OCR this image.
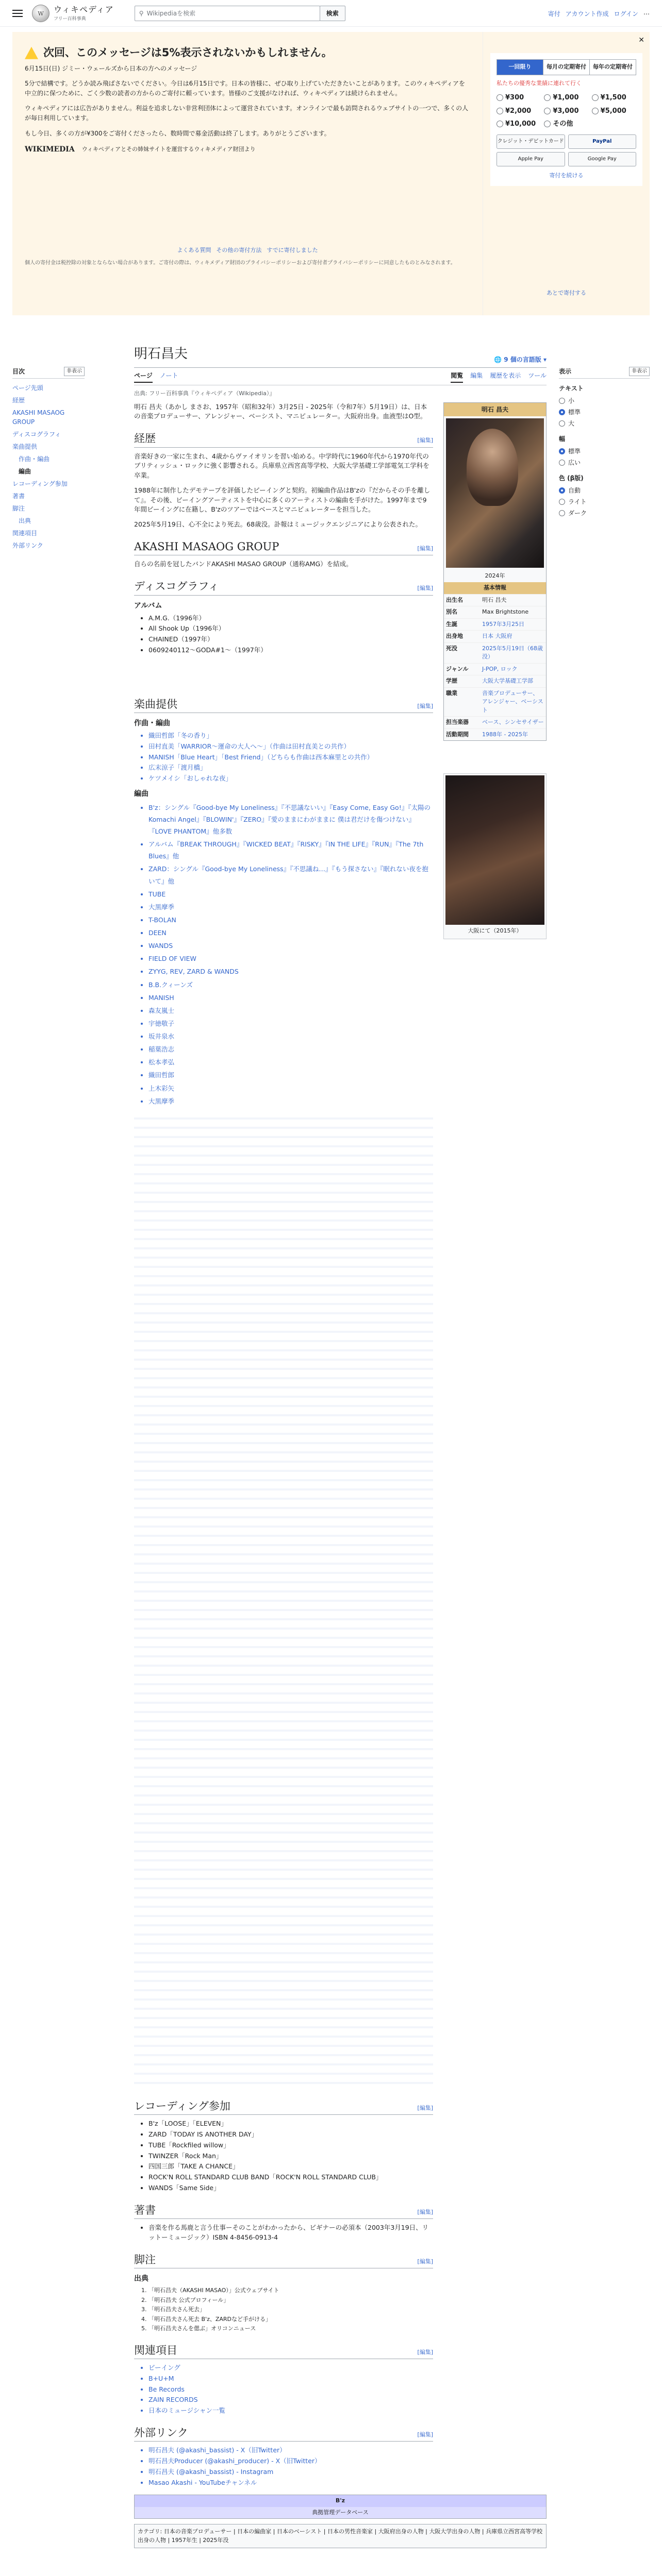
W	ウィキペディア
フリー百科事典
⚲ Wikipediaを検索	検索	寄付 アカウント作成 ログイン ⋯
次回、このメッセージは5%表示されないかもしれません。
6月15日(日) ジミー・ウェールズから日本の方へのメッセージ

5分で結構です。どうか読み飛ばさないでください。今日は6月15日です。日本の皆様に、ぜひ取り上げていただきたいことがあります。このウィキペディアを中立的に保つために、ごく少数の読者の方からのご寄付に頼っています。皆様のご支援がなければ、ウィキペディアは続けられません。

ウィキペディアには広告がありません。利益を追求しない非営利団体によって運営されています。オンラインで最も訪問されるウェブサイトの一つで、多くの人が毎日利用しています。

もし今日、多くの方が¥300をご寄付くださったら、数時間で募金活動は終了します。ありがとうございます。

WIKIMEDIA ウィキペディアとその姉妹サイトを運営するウィキメディア財団より
よくある質問 その他の寄付方法 すでに寄付しました
個人の寄付金は税控除の対象とならない場合があります。ご寄付の際は、ウィキメディア財団のプライバシーポリシーおよび寄付者プライバシーポリシーに同意したものとみなされます。
✕
一回限り	毎月の定期寄付	毎年の定期寄付
私たちの優秀な業績に連れて行く
¥300	¥1,000	¥1,500
¥2,000	¥3,000	¥5,000
¥10,000	その他
クレジット・デビットカード	PayPal
Apple Pay	Google Pay
寄付を続ける
あとで寄付する
目次	非表示
ページ先頭
経歴
AKASHI MASAOG GROUP
ディスコグラフィ
楽曲提供
作曲・編曲
編曲
レコーディング参加
著書
脚注
出典
関連項目
外部リンク
表示	非表示
テキスト
小
標準
大
幅
標準
広い
色 (β版)
自動
ライト
ダーク
明石昌夫	🌐 9 個の言語版 ▾
ページ ノート	閲覧 編集 履歴を表示 ツール
出典: フリー百科事典『ウィキペディア（Wikipedia）』
明石 昌夫
2024年
基本情報
出生名	明石 昌夫
別名	Max Brightstone
生誕	1957年3月25日
出身地	日本 大阪府
死没	2025年5月19日（68歳没）
ジャンル	J-POP, ロック
学歴	大阪大学基礎工学部
職業	音楽プロデューサー、アレンジャー、ベーシスト
担当楽器	ベース、シンセサイザー
活動期間	1988年 - 2025年
大阪にて（2015年）

明石 昌夫（あかし まさお、1957年（昭和32年）3月25日 - 2025年（令和7年）5月19日）は、日本の音楽プロデューサー、アレンジャー、ベーシスト、マニピュレーター。大阪府出身。血液型はO型。

経歴	[編集]

音楽好きの一家に生まれ、4歳からヴァイオリンを習い始める。中学時代に1960年代から1970年代のブリティッシュ・ロックに強く影響される。兵庫県立西宮高等学校、大阪大学基礎工学部電気工学科を卒業。

1988年に制作したデモテープを評価したビーイングと契約。初編曲作品はB'zの『だからその手を離して』。その後、ビーイングアーティストを中心に多くのアーティストの編曲を手がけた。1997年まで9年間ビーイングに在籍し、B'zのツアーではベースとマニピュレーターを担当した。

2025年5月19日、心不全により死去。68歳没。訃報はミュージックエンジニアにより公表された。

AKASHI MASAOG GROUP	[編集]

自らの名前を冠したバンドAKASHI MASAO GROUP（通称AMG）を結成。

ディスコグラフィ	[編集]
アルバム
• A.M.G.（1996年）
• All Shook Up（1996年）
• CHAINED（1997年）
• 0609240112〜GODA#1〜（1997年）
楽曲提供	[編集]
作曲・編曲
• 織田哲郎「冬の香り」
• 田村直美「WARRIOR〜運命の大人へ〜」（作曲は田村直美との共作）
• MANISH「Blue Heart」「Best Friend」（どちらも作曲は西本麻里との共作）
• 広末涼子「渡月橋」
• ケツメイシ「おしゃれな夜」
編曲
• B'z：シングル『Good-bye My Loneliness』『不思議ないい』『Easy Come, Easy Go!』『太陽のKomachi Angel』『BLOWIN'』『ZERO』『愛のままにわがままに 僕は君だけを傷つけない』『LOVE PHANTOM』他多数
• アルバム『BREAK THROUGH』『WICKED BEAT』『RISKY』『IN THE LIFE』『RUN』『The 7th Blues』他
• ZARD：シングル『Good-bye My Loneliness』『不思議ね…』『もう探さない』『眠れない夜を抱いて』他
• TUBE
• 大黒摩季
• T-BOLAN
• DEEN
• WANDS
• FIELD OF VIEW
• ZYYG, REV, ZARD & WANDS
• B.B.クィーンズ
• MANISH
• 森友嵐士
• 宇徳敬子
• 坂井泉水
• 稲葉浩志
• 松本孝弘
• 織田哲郎
• 上木彩矢
• 大黒摩季
レコーディング参加	[編集]
• B'z「LOOSE」「ELEVEN」
• ZARD「TODAY IS ANOTHER DAY」
• TUBE「Rockfiled willow」
• TWINZER「Rock Man」
• 四国三郎「TAKE A CHANCE」
• ROCK'N ROLL STANDARD CLUB BAND「ROCK'N ROLL STANDARD CLUB」
• WANDS「Same Side」
著書	[編集]
• 音楽を作る馬鹿と言う仕事ーそのことがわかったから、ビギナーの必須本（2003年3月19日、リットーミュージック）ISBN 4-8456-0913-4
脚注	[編集]
出典
1. 「明石昌夫（AKASHI MASAO）」公式ウェブサイト
2. 「明石昌夫 公式プロフィール」
3. 「明石昌夫さん死去」
4. 「明石昌夫さん死去 B'z、ZARDなど手がける」
5. 「明石昌夫さんを偲ぶ」オリコンニュース
関連項目	[編集]
• ビーイング
• B+U+M
• Be Records
• ZAIN RECORDS
• 日本のミュージシャン一覧
外部リンク	[編集]
• 明石昌夫 (@akashi_bassist) - X（旧Twitter）
• 明石昌夫Producer (@akashi_producer) - X（旧Twitter）
• 明石昌夫 (@akashi_bassist) - Instagram
• Masao Akashi - YouTubeチャンネル
B'z
典拠管理データベース
カテゴリ: 日本の音楽プロデューサー | 日本の編曲家 | 日本のベーシスト | 日本の男性音楽家 | 大阪府出身の人物 | 大阪大学出身の人物 | 兵庫県立西宮高等学校出身の人物 | 1957年生 | 2025年没
